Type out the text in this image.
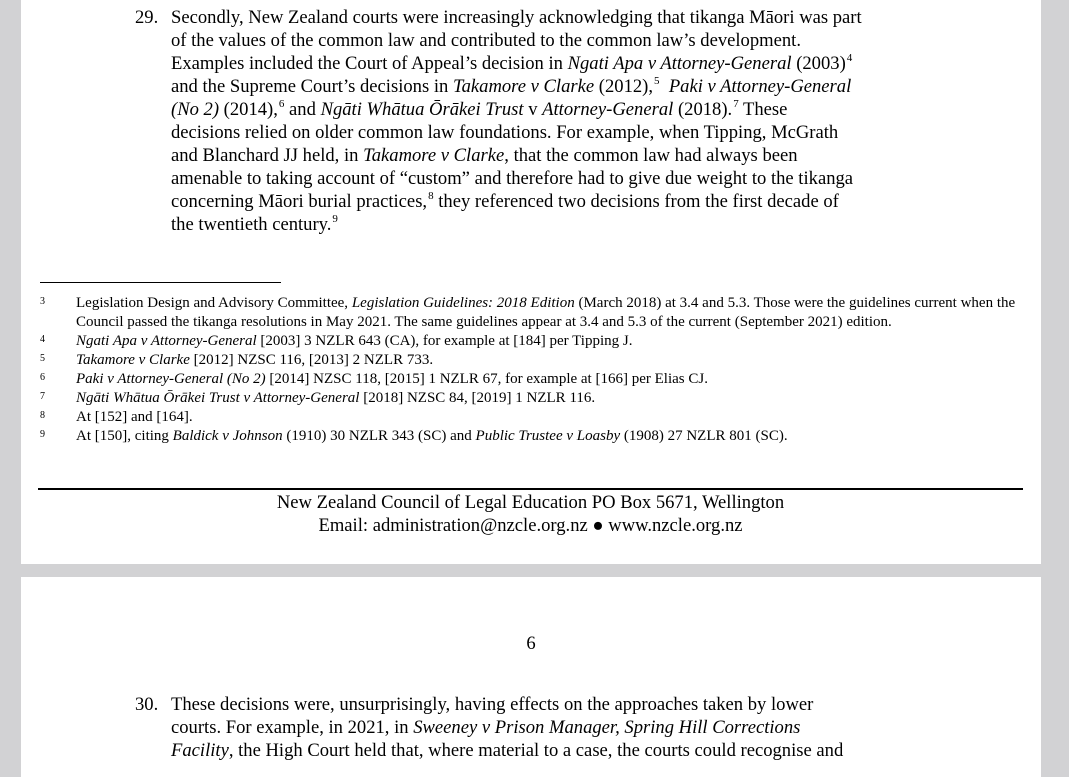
29. Secondly, New Zealand courts were increasingly acknowledging that tikanga Māori was part
of the values of the common law and contributed to the common law’s development.
Examples included the Court of Appeal’s decision in Ngati Apa v Attorney-General $(2003)^4$
and the Supreme Court’s decisions in Takamore v Clarke (2012),$^5$ Paki v Attorney-General
(No 2) (2014),$^6$ and Ngāti Whātua Ōrākei Trust v Attorney-General (2018).$^7$ These
decisions relied on older common law foundations. For example, when Tipping, McGrath
and Blanchard JJ held, in Takamore v Clarke, that the common law had always been
amenable to taking account of “custom” and therefore had to give due weight to the tikanga
concerning Māori burial practices,$^8$ they referenced two decisions from the first decade of
the twentieth century.$^9$
3 Legislation Design and Advisory Committee, Legislation Guidelines: 2018 Edition (March 2018) at 3.4 and 5.3. Those were the guidelines current when the Council passed the tikanga resolutions in May 2021. The same guidelines appear at 3.4 and 5.3 of the current (September 2021) edition.
4 Ngati Apa v Attorney-General [2003] 3 NZLR 643 (CA), for example at [184] per Tipping J.
5 Takamore v Clarke [2012] NZSC 116, [2013] 2 NZLR 733.
6 Paki v Attorney-General (No 2) [2014] NZSC 118, [2015] 1 NZLR 67, for example at [166] per Elias CJ.
7 Ngāti Whātua Ōrākei Trust v Attorney-General [2018] NZSC 84, [2019] 1 NZLR 116.
8 At [152] and [164].
9 At [150], citing Baldick v Johnson (1910) 30 NZLR 343 (SC) and Public Trustee v Loasby (1908) 27 NZLR 801 (SC).
New Zealand Council of Legal Education PO Box 5671, Wellington
Email: administration@nzcle.org.nz ● www.nzcle.org.nz
6
30. These decisions were, unsurprisingly, having effects on the approaches taken by lower
courts. For example, in 2021, in Sweeney v Prison Manager, Spring Hill Corrections
Facility, the High Court held that, where material to a case, the courts could recognise and
